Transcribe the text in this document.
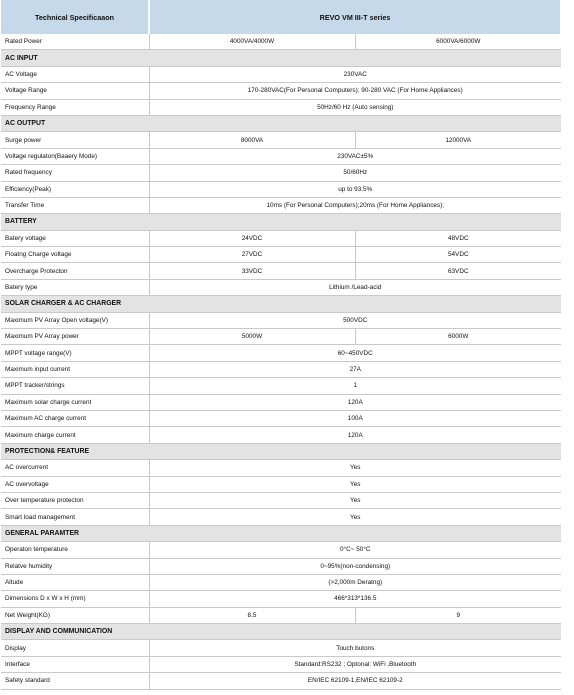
Technical Specificaaon	REVO VM III-T series	
Rated Power	4000VA/4000W	6000VA/6000W
AC INPUT		
AC Voltage	230VAC	
Voltage Range	170-280VAC(For Personal Computers); 90-280 VAC (For Home Appliances)	
Frequency Range	50Hz/60 Hz (Auto sensing)	
AC OUTPUT		
Surge power	8000VA	12000VA
Voltage regulaton(Baaery Mode)	230VAC±5%	
Rated frequency	50/60Hz	
Efficiency(Peak)	up to 93.5%	
Transfer Time	10ms (For Personal Computers);20ms (For Home Appliances);	
BATTERY		
Batery voltage	24VDC	48VDC
Floatng Charge voltage	27VDC	54VDC
Overcharge Protecton	33VDC	63VDC
Batery type	Lithium /Lead-acid	
SOLAR CHARGER & AC CHARGER		
Maximum PV Array Open voltage(V)	500VDC	
Maximum PV Array power	5000W	6000W
MPPT voltage range(V)	60~450VDC	
Maximum input current	27A	
MPPT tracker/strings	1	
Maximum solar charge current	120A	
Maximum AC charge current	100A	
Maximum charge current	120A	
PROTECTION& FEATURE		
AC overcurrent	Yes	
AC overvoltage	Yes	
Over temperature protecton	Yes	
Smart load management	Yes	
GENERAL PARAMTER		
Operaton temperature	0°C~ 50°C	
Relatve humidity	0~95%(non-condensing)	
Altude	(>2,000m Deratng)	
Dimensions D x W x H (mm)	466*313*136.5	
Net Weight(KG)	8.5	9
DISPLAY AND COMMUNICATION		
Display	Touch butons	
Interface	Standard:RS232 ; Optonal: WiFi ,Bluetooth	
Safety standard	EN/IEC 62109-1,EN/IEC 62109-2	
